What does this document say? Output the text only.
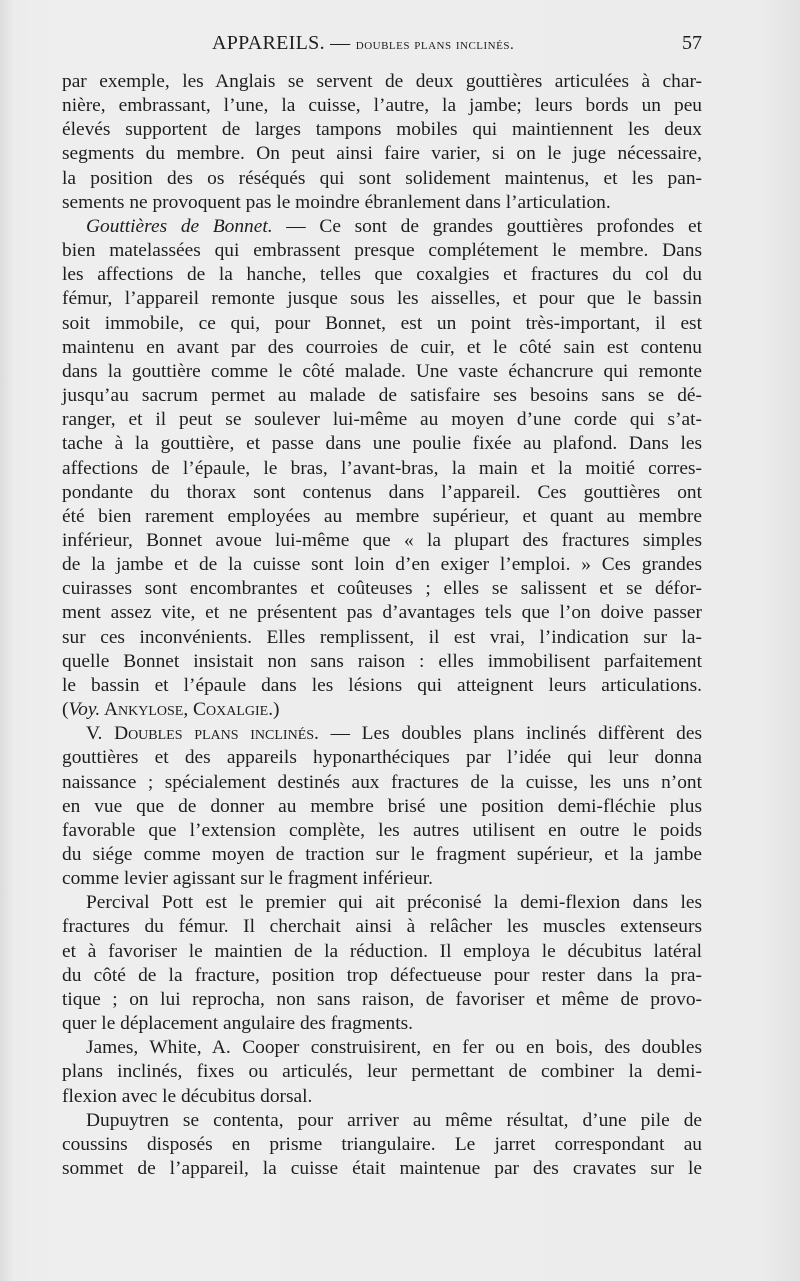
APPAREILS. — doubles plans inclinés.	57
par exemple, les Anglais se servent de deux gouttières articulées à char-
nière, embrassant, l’une, la cuisse, l’autre, la jambe; leurs bords un peu
élevés supportent de larges tampons mobiles qui maintiennent les deux
segments du membre. On peut ainsi faire varier, si on le juge nécessaire,
la position des os réséqués qui sont solidement maintenus, et les pan-
sements ne provoquent pas le moindre ébranlement dans l’articulation.
Gouttières de Bonnet. — Ce sont de grandes gouttières profondes et
bien matelassées qui embrassent presque complétement le membre. Dans
les affections de la hanche, telles que coxalgies et fractures du col du
fémur, l’appareil remonte jusque sous les aisselles, et pour que le bassin
soit immobile, ce qui, pour Bonnet, est un point très-important, il est
maintenu en avant par des courroies de cuir, et le côté sain est contenu
dans la gouttière comme le côté malade. Une vaste échancrure qui remonte
jusqu’au sacrum permet au malade de satisfaire ses besoins sans se dé-
ranger, et il peut se soulever lui-même au moyen d’une corde qui s’at-
tache à la gouttière, et passe dans une poulie fixée au plafond. Dans les
affections de l’épaule, le bras, l’avant-bras, la main et la moitié corres-
pondante du thorax sont contenus dans l’appareil. Ces gouttières ont
été bien rarement employées au membre supérieur, et quant au membre
inférieur, Bonnet avoue lui-même que « la plupart des fractures simples
de la jambe et de la cuisse sont loin d’en exiger l’emploi. » Ces grandes
cuirasses sont encombrantes et coûteuses ; elles se salissent et se défor-
ment assez vite, et ne présentent pas d’avantages tels que l’on doive passer
sur ces inconvénients. Elles remplissent, il est vrai, l’indication sur la-
quelle Bonnet insistait non sans raison : elles immobilisent parfaitement
le bassin et l’épaule dans les lésions qui atteignent leurs articulations.
(Voy. Ankylose, Coxalgie.)
V. Doubles plans inclinés. — Les doubles plans inclinés diffèrent des
gouttières et des appareils hyponarthéciques par l’idée qui leur donna
naissance ; spécialement destinés aux fractures de la cuisse, les uns n’ont
en vue que de donner au membre brisé une position demi-fléchie plus
favorable que l’extension complète, les autres utilisent en outre le poids
du siége comme moyen de traction sur le fragment supérieur, et la jambe
comme levier agissant sur le fragment inférieur.
Percival Pott est le premier qui ait préconisé la demi-flexion dans les
fractures du fémur. Il cherchait ainsi à relâcher les muscles extenseurs
et à favoriser le maintien de la réduction. Il employa le décubitus latéral
du côté de la fracture, position trop défectueuse pour rester dans la pra-
tique ; on lui reprocha, non sans raison, de favoriser et même de provo-
quer le déplacement angulaire des fragments.
James, White, A. Cooper construisirent, en fer ou en bois, des doubles
plans inclinés, fixes ou articulés, leur permettant de combiner la demi-
flexion avec le décubitus dorsal.
Dupuytren se contenta, pour arriver au même résultat, d’une pile de
coussins disposés en prisme triangulaire. Le jarret correspondant au
sommet de l’appareil, la cuisse était maintenue par des cravates sur le
